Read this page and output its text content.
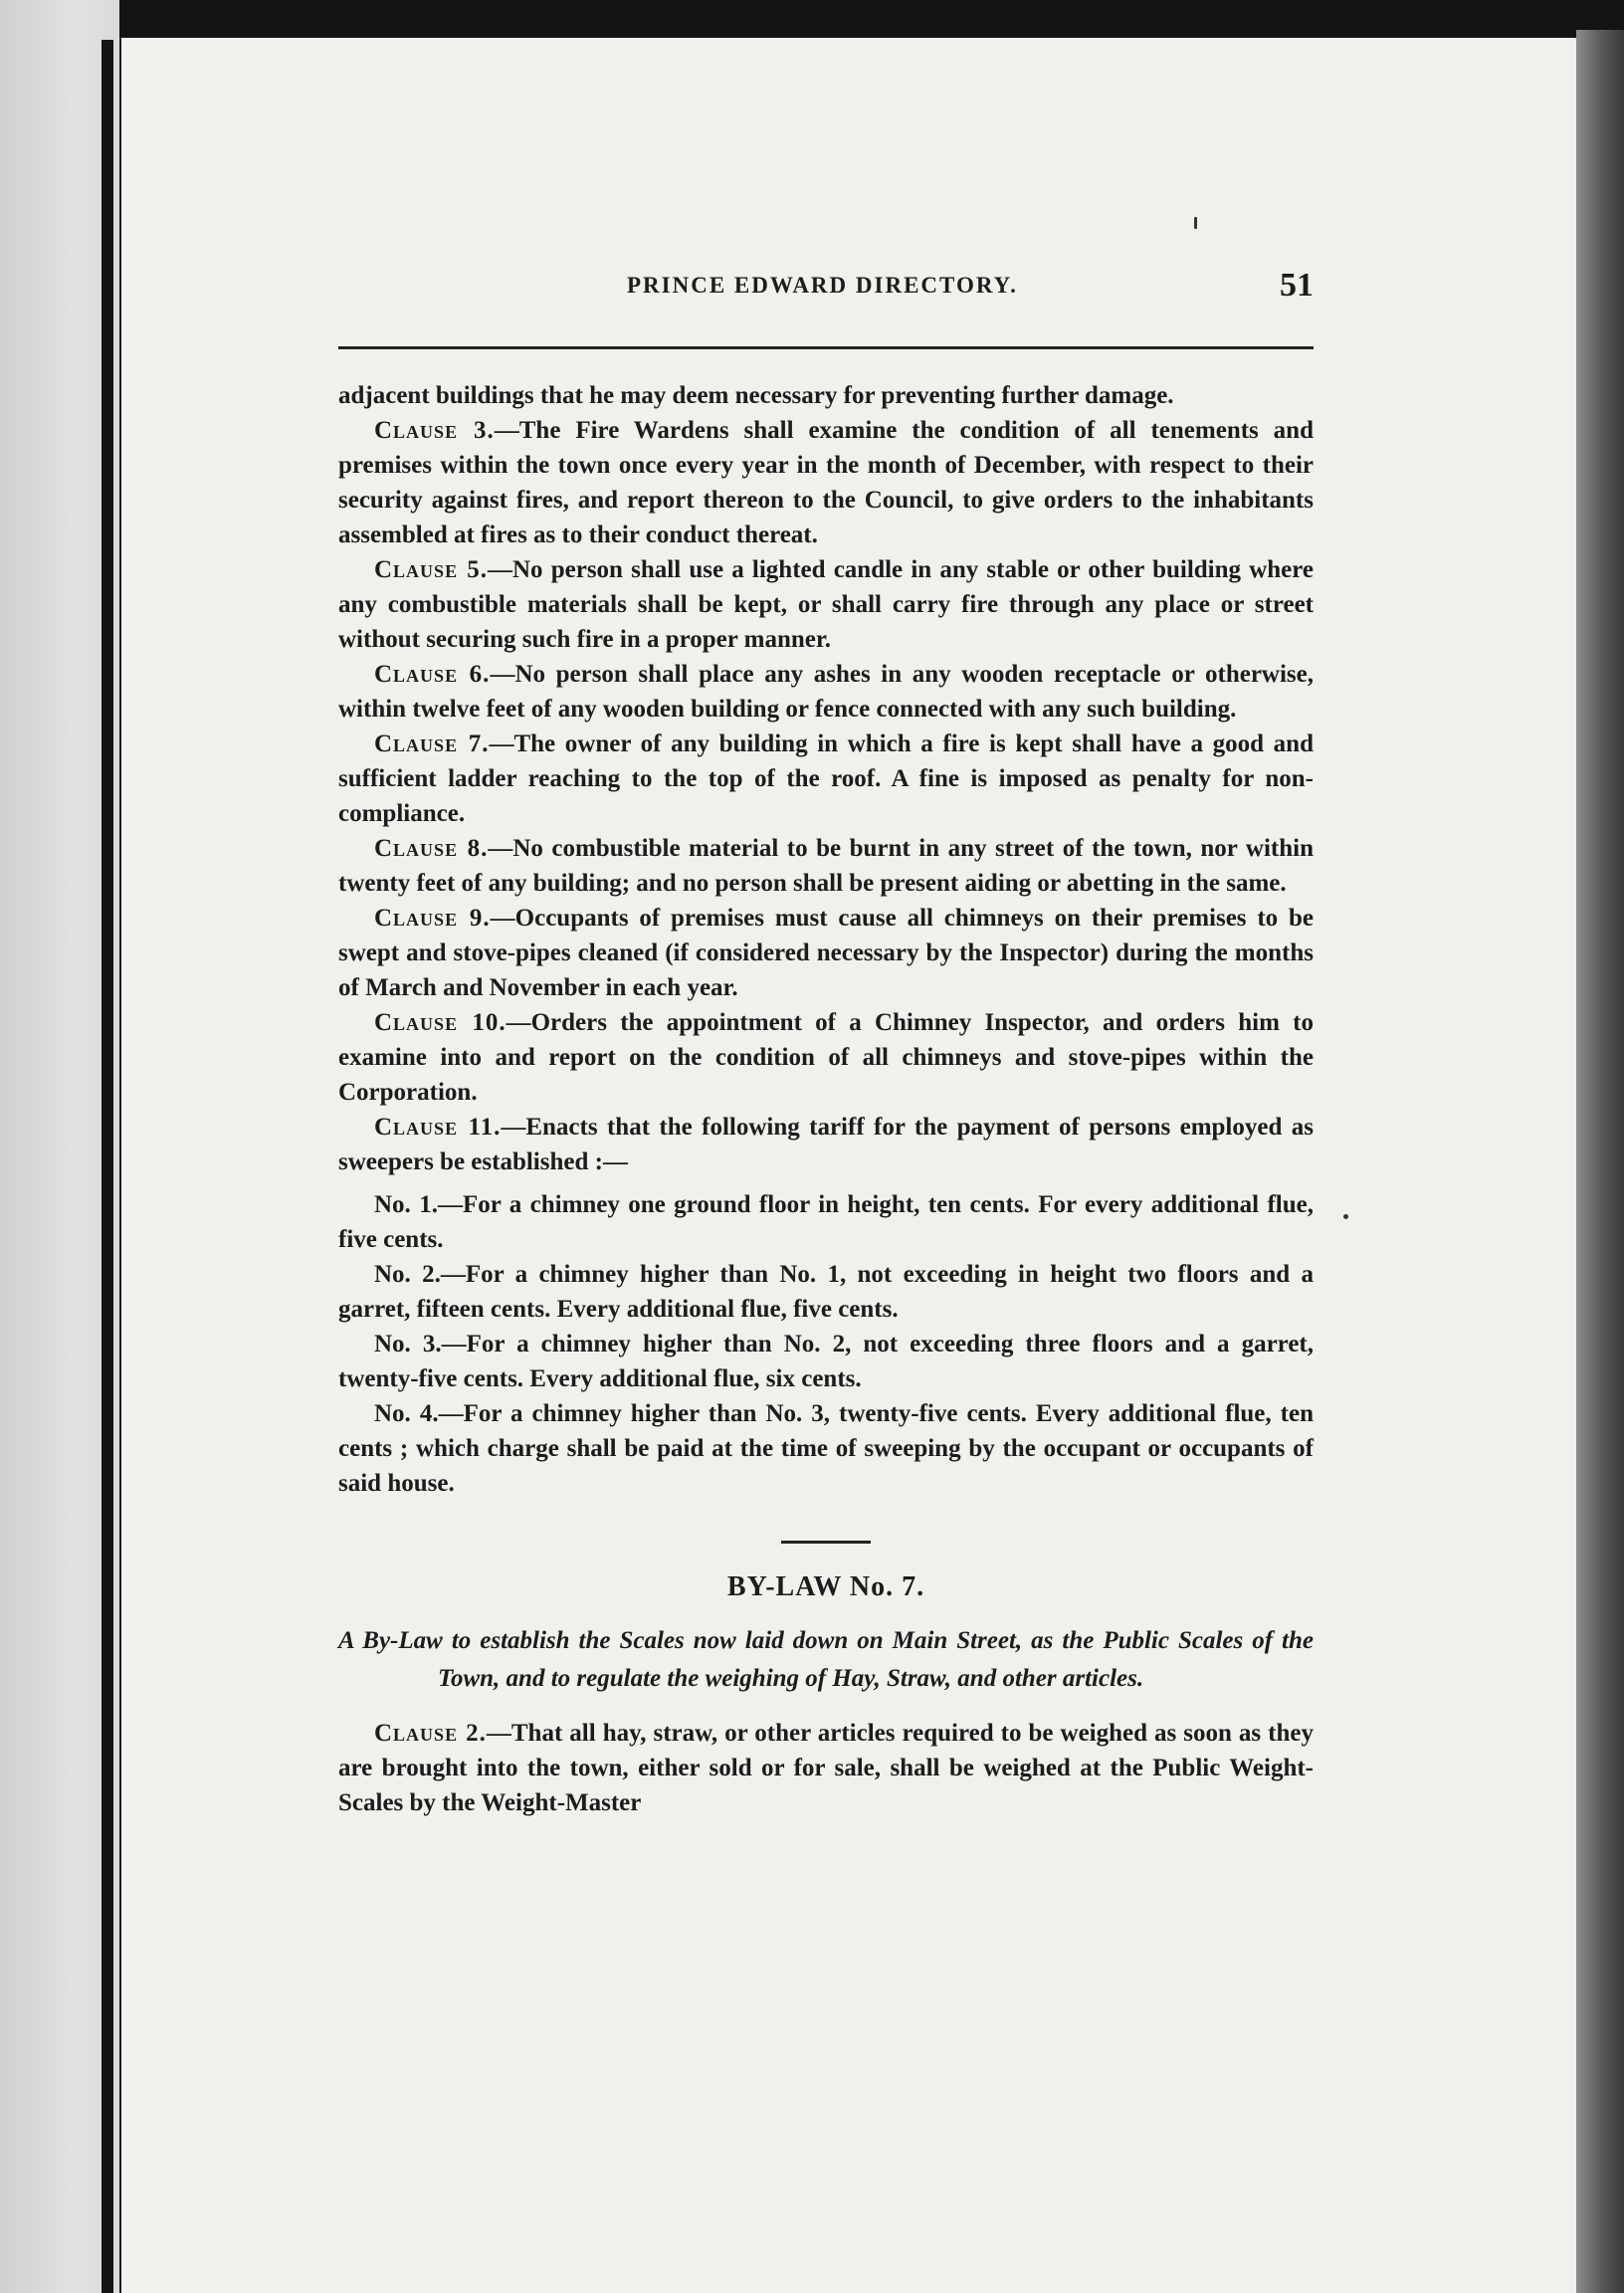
PRINCE EDWARD DIRECTORY.	51

adjacent buildings that he may deem necessary for preventing further damage.

Clause 3.—The Fire Wardens shall examine the condition of all tenements and premises within the town once every year in the month of December, with respect to their security against fires, and report thereon to the Council, to give orders to the inhabitants assembled at fires as to their conduct thereat.

Clause 5.—No person shall use a lighted candle in any stable or other building where any combustible materials shall be kept, or shall carry fire through any place or street without securing such fire in a proper manner.

Clause 6.—No person shall place any ashes in any wooden receptacle or otherwise, within twelve feet of any wooden building or fence connected with any such building.

Clause 7.—The owner of any building in which a fire is kept shall have a good and sufficient ladder reaching to the top of the roof. A fine is imposed as penalty for non-compliance.

Clause 8.—No combustible material to be burnt in any street of the town, nor within twenty feet of any building; and no person shall be present aiding or abetting in the same.

Clause 9.—Occupants of premises must cause all chimneys on their premises to be swept and stove-pipes cleaned (if considered necessary by the Inspector) during the months of March and November in each year.

Clause 10.—Orders the appointment of a Chimney Inspector, and orders him to examine into and report on the condition of all chimneys and stove-pipes within the Corporation.

Clause 11.—Enacts that the following tariff for the payment of persons employed as sweepers be established :—

No. 1.—For a chimney one ground floor in height, ten cents. For every additional flue, five cents.

No. 2.—For a chimney higher than No. 1, not exceeding in height two floors and a garret, fifteen cents. Every additional flue, five cents.

No. 3.—For a chimney higher than No. 2, not exceeding three floors and a garret, twenty-five cents. Every additional flue, six cents.

No. 4.—For a chimney higher than No. 3, twenty-five cents. Every additional flue, ten cents ; which charge shall be paid at the time of sweeping by the occupant or occupants of said house.

BY-LAW No. 7.

A By-Law to establish the Scales now laid down on Main Street, as the Public Scales of the Town, and to regulate the weighing of Hay, Straw, and other articles.

Clause 2.—That all hay, straw, or other articles required to be weighed as soon as they are brought into the town, either sold or for sale, shall be weighed at the Public Weight-Scales by the Weight-Master
